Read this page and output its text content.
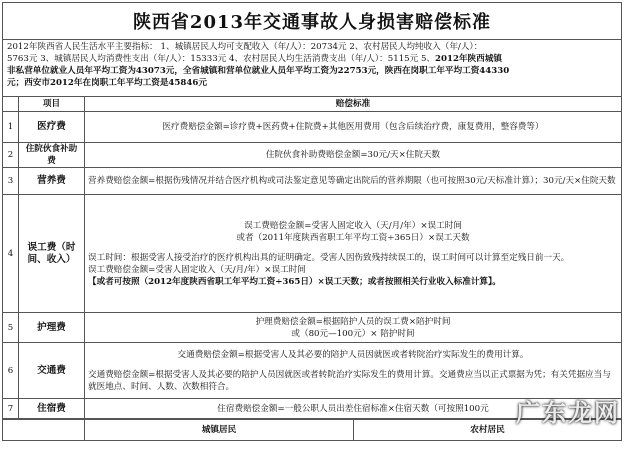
陕西省2013年交通事故人身损害赔偿标准
2012年陕西省人民生活水平主要指标： 1、城镇居民人均可支配收入（年/人）：20734元 2、农村居民人均纯收入（年/人）：
5763元 3、城镇居民人均消费性支出（年/人）：15333元 4、农村居民人均生活消费支出（年/人）：5115元 5、2012年陕西城镇
非私营单位就业人员年平均工资为43073元，全省城镇和营单位就业人员年平均工资为22753元，陕西在岗职工年平均工资44330
元；西安市2012年在岗职工年平均工资是45846元
	项目	赔偿标准
1	医疗费	医疗费赔偿金额=诊疗费+医药费+住院费+其他医用费用（包含后续治疗费，康复费用，整容费等）

2	住院伙食补助费	住院伙食补助费赔偿金额=30元/天×住院天数

3	营养费	营养费赔偿金额=根据伤残情况并结合医疗机构或司法鉴定意见等确定出院后的营养期限（也可按照30元/天标准计算）；30元/天×住院天数

4	误工费（时间、收入）	误工费赔偿金额=受害人固定收入（天/月/年）×误工时间

或者（2011年度陕西省职工年平均工资÷365日）×误工天数

误工时间：根据受害人接受治疗的医疗机构出具的证明确定。受害人因伤致残持续误工的，误工时间可以计算至定残日前一天。

误工费赔偿金额=受害人固定收入（天/月/年）×误工时间

【或者可按照（2012年度陕西省职工年平均工资÷365日）×误工天数；或者按照相关行业收入标准计算】。

5	护理费	护理费赔偿金额=根据陪护人员的误工费×陪护时间

或（80元—100元）× 陪护时间

6	交通费	交通费赔偿金额=根据受害人及其必要的陪护人员因就医或者转院治疗实际发生的费用计算。

交通费赔偿金额=根据受害人及其必要的陪护人员因就医或者转院治疗实际发生的费用计算。交通费应当以正式票据为凭；有关凭据应当与就医地点、时间、人数、次数相符合。

7	住宿费	住宿费赔偿金额=一般公职人员出差住宿标准×住宿天数（可按照100元

	城镇居民	农村居民
广东龙网
